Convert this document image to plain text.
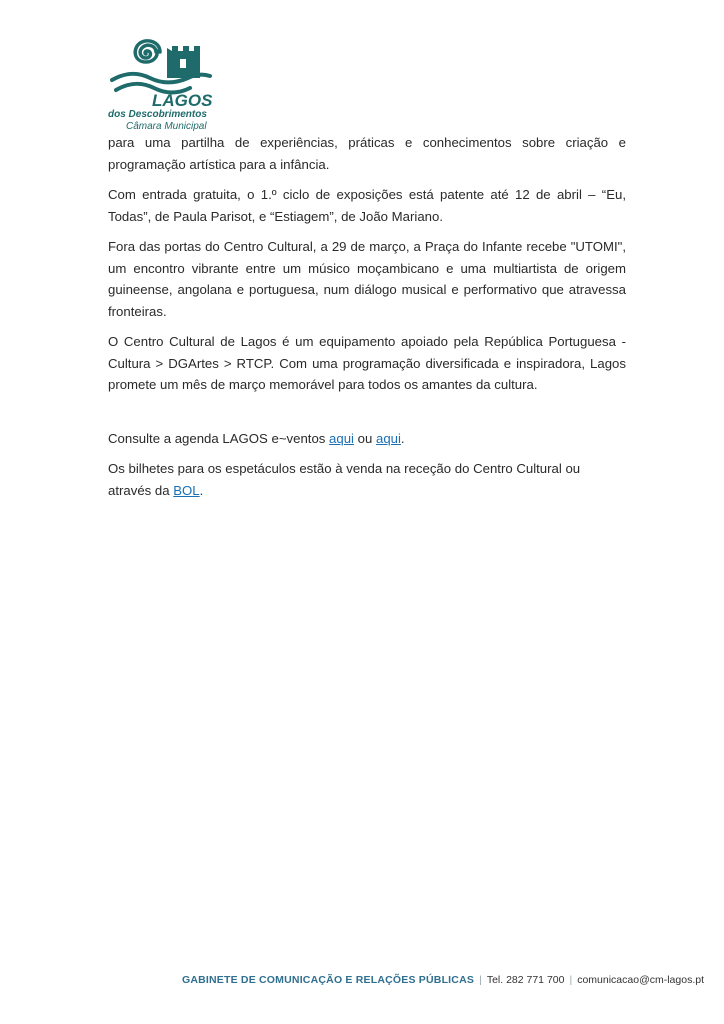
LAGOS
dos Descobrimentos
Câmara Municipal

para uma partilha de experiências, práticas e conhecimentos sobre criação e programação artística para a infância.

Com entrada gratuita, o 1.º ciclo de exposições está patente até 12 de abril – “Eu, Todas”, de Paula Parisot, e “Estiagem”, de João Mariano.

Fora das portas do Centro Cultural, a 29 de março, a Praça do Infante recebe "UTOMI", um encontro vibrante entre um músico moçambicano e uma multiartista de origem guineense, angolana e portuguesa, num diálogo musical e performativo que atravessa fronteiras.

O Centro Cultural de Lagos é um equipamento apoiado pela República Portuguesa - Cultura > DGArtes > RTCP. Com uma programação diversificada e inspiradora, Lagos promete um mês de março memorável para todos os amantes da cultura.

Consulte a agenda LAGOS e~ventos aqui ou aqui.

Os bilhetes para os espetáculos estão à venda na receção do Centro Cultural ou através da BOL.

GABINETE DE COMUNICAÇÃO E RELAÇÕES PÚBLICAS | Tel. 282 771 700 | comunicacao@cm-lagos.pt
